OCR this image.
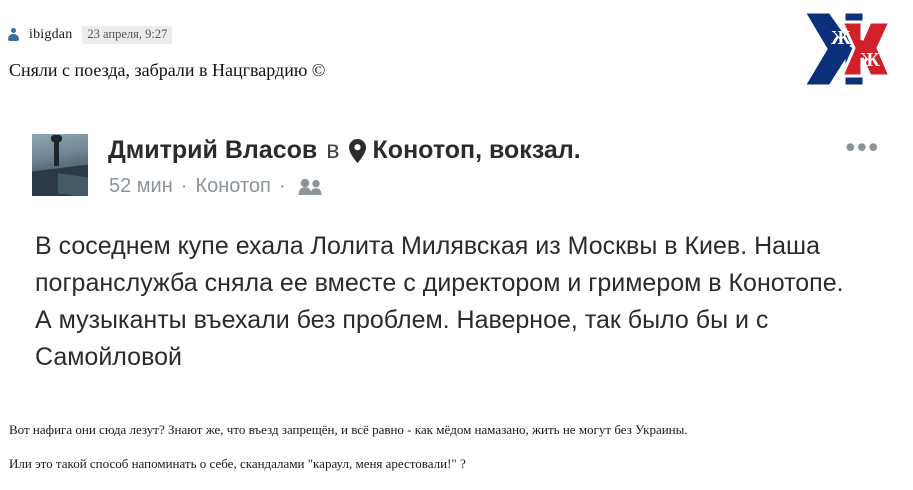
ibigdan	23 апреля, 9:27
Сняли с поезда, забрали в Нацгвардию ©
Ж
Ж
Дмитрий Власов в Конотоп, вокзал .
52 мин · Конотоп ·
•••
В соседнем купе ехала Лолита Милявская из Москвы в Киев. Наша погранслужба сняла ее вместе с директором и гримером в Конотопе. А музыканты въехали без проблем. Наверное, так было бы и с Самойловой
Вот нафига они сюда лезут? Знают же, что въезд запрещён, и всё равно - как мёдом намазано, жить не могут без Украины.
Или это такой способ напоминать о себе, скандалами "караул, меня арестовали!" ?
